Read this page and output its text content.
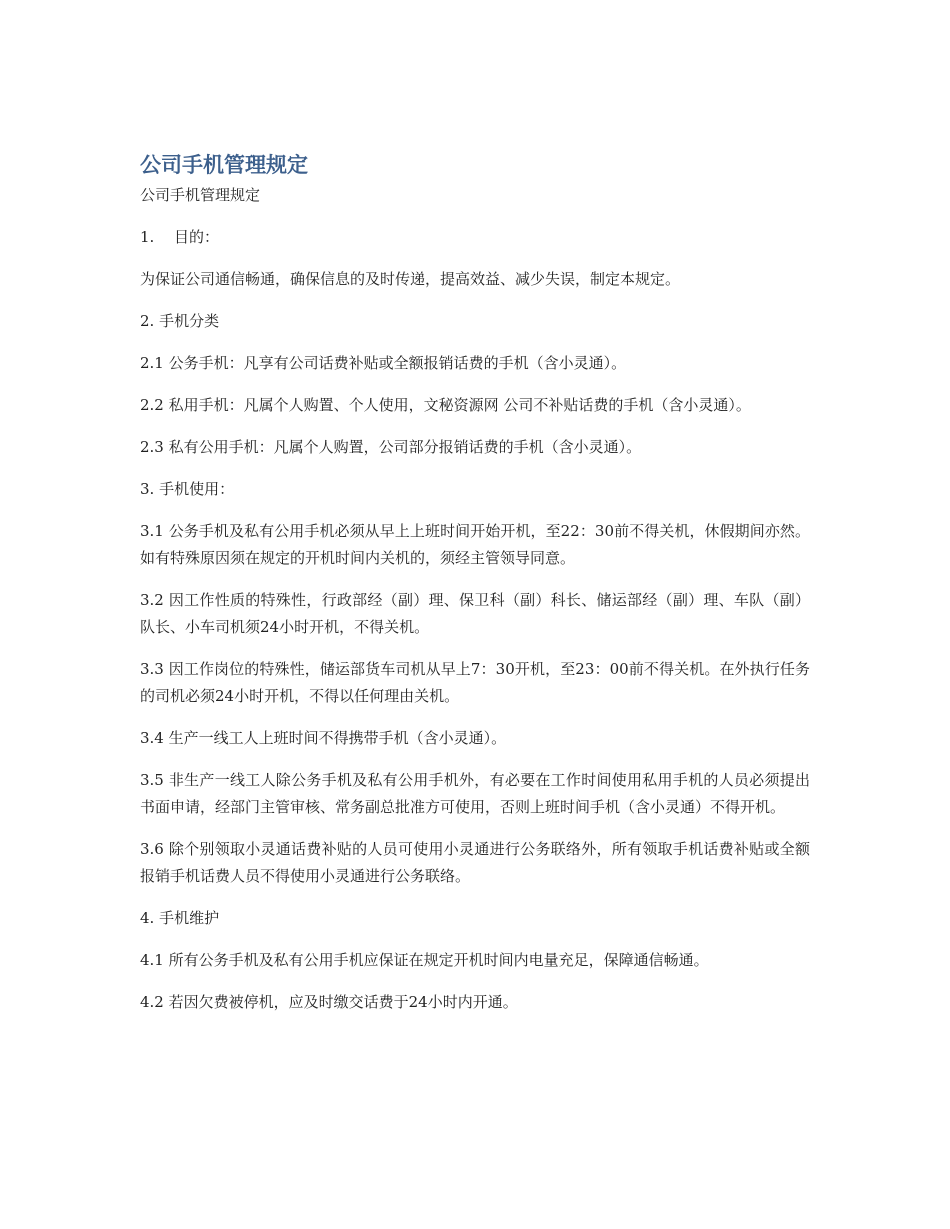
公司手机管理规定

公司手机管理规定

1.	目的：

为保证公司通信畅通，确保信息的及时传递，提高效益、减少失误，制定本规定。

2. 手机分类

2.1 公务手机：凡享有公司话费补贴或全额报销话费的手机（含小灵通）。

2.2 私用手机：凡属个人购置、个人使用，文秘资源网 公司不补贴话费的手机（含小灵通）。

2.3 私有公用手机：凡属个人购置，公司部分报销话费的手机（含小灵通）。

3. 手机使用：

3.1 公务手机及私有公用手机必须从早上上班时间开始开机，至22：30前不得关机，休假期间亦然。如有特殊原因须在规定的开机时间内关机的，须经主管领导同意。

3.2 因工作性质的特殊性，行政部经（副）理、保卫科（副）科长、储运部经（副）理、车队（副）队长、小车司机须24小时开机，不得关机。

3.3 因工作岗位的特殊性，储运部货车司机从早上7：30开机，至23：00前不得关机。在外执行任务的司机必须24小时开机，不得以任何理由关机。

3.4 生产一线工人上班时间不得携带手机（含小灵通）。

3.5 非生产一线工人除公务手机及私有公用手机外，有必要在工作时间使用私用手机的人员必须提出书面申请，经部门主管审核、常务副总批准方可使用，否则上班时间手机（含小灵通）不得开机。

3.6 除个别领取小灵通话费补贴的人员可使用小灵通进行公务联络外，所有领取手机话费补贴或全额报销手机话费人员不得使用小灵通进行公务联络。

4. 手机维护

4.1 所有公务手机及私有公用手机应保证在规定开机时间内电量充足，保障通信畅通。

4.2 若因欠费被停机，应及时缴交话费于24小时内开通。
